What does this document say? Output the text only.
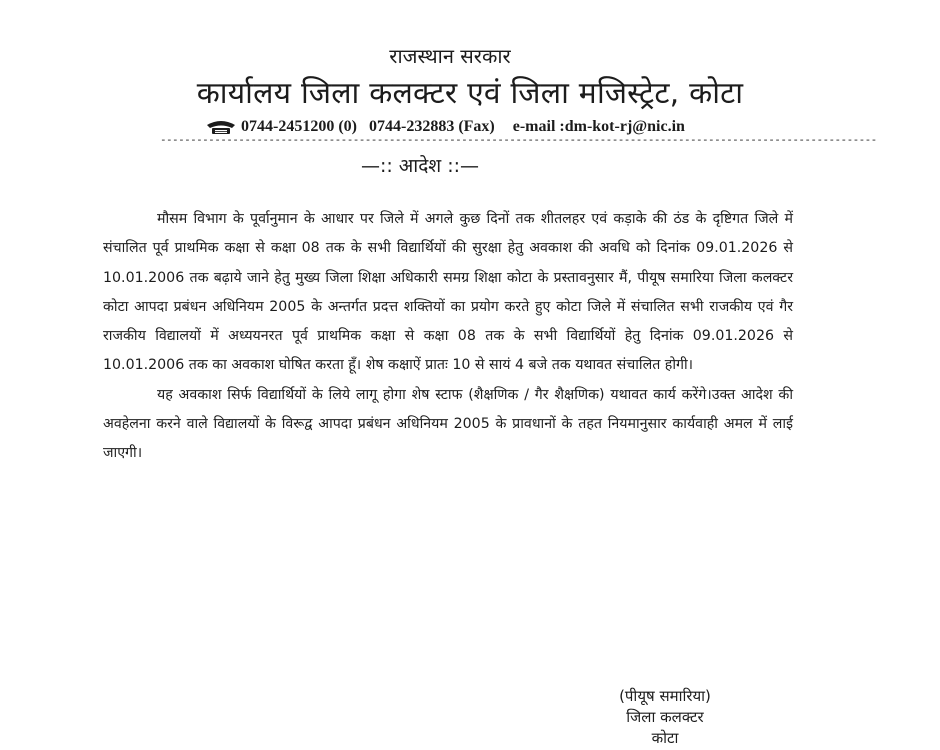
राजस्थान सरकार
कार्यालय जिला कलक्टर एवं जिला मजिस्ट्रेट, कोटा
0744-2451200 (0) 0744-232883 (Fax) e-mail :dm-kot-rj@nic.in
-----------------------------------------------------------------------------------------------------------------------
—:: आदेश ::—

मौसम विभाग के पूर्वानुमान के आधार पर जिले में अगले कुछ दिनों तक शीतलहर एवं कड़ाके की ठंड के दृष्टिगत जिले में संचालित पूर्व प्राथमिक कक्षा से कक्षा 08 तक के सभी विद्यार्थियों की सुरक्षा हेतु अवकाश की अवधि को दिनांक 09.01.2026 से 10.01.2006 तक बढ़ाये जाने हेतु मुख्य जिला शिक्षा अधिकारी समग्र शिक्षा कोटा के प्रस्तावनुसार मैं, पीयूष समारिया जिला कलक्टर कोटा आपदा प्रबंधन अधिनियम 2005 के अन्तर्गत प्रदत्त शक्तियों का प्रयोग करते हुए कोटा जिले में संचालित सभी राजकीय एवं गैर राजकीय विद्यालयों में अध्ययनरत पूर्व प्राथमिक कक्षा से कक्षा 08 तक के सभी विद्यार्थियों हेतु दिनांक 09.01.2026 से 10.01.2006 तक का अवकाश घोषित करता हूँ। शेष कक्षाऐं प्रातः 10 से सायं 4 बजे तक यथावत संचालित होगी।

यह अवकाश सिर्फ विद्यार्थियों के लिये लागू होगा शेष स्टाफ (शैक्षणिक / गैर शैक्षणिक) यथावत कार्य करेंगे।उक्त आदेश की अवहेलना करने वाले विद्यालयों के विरूद्व आपदा प्रबंधन अधिनियम 2005 के प्रावधानों के तहत नियमानुसार कार्यवाही अमल में लाई जाएगी।

(पीयूष समारिया)
जिला कलक्टर
कोटा
